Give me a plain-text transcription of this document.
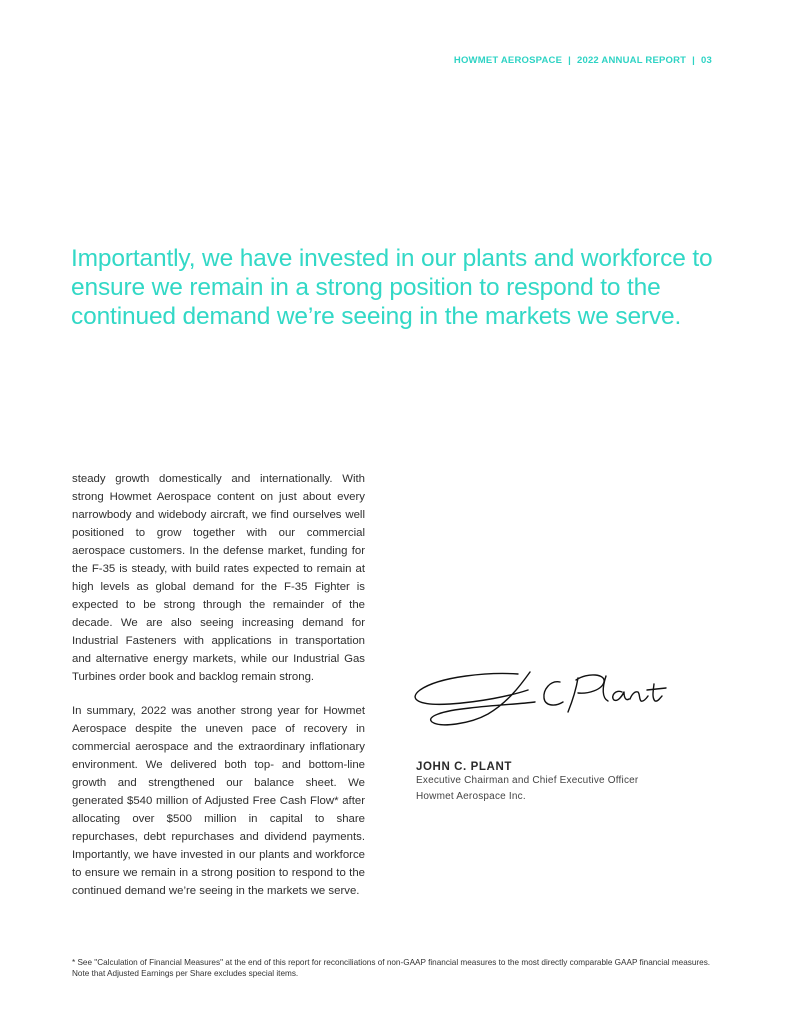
HOWMET AEROSPACE | 2022 ANNUAL REPORT | 03
Importantly, we have invested in our plants and workforce to ensure we remain in a strong position to respond to the continued demand we’re seeing in the markets we serve.

steady growth domestically and internationally. With strong Howmet Aerospace content on just about every narrowbody and widebody aircraft, we find ourselves well positioned to grow together with our commercial aerospace customers. In the defense market, funding for the F-35 is steady, with build rates expected to remain at high levels as global demand for the F-35 Fighter is expected to be strong through the remainder of the decade. We are also seeing increasing demand for Industrial Fasteners with applications in transportation and alternative energy markets, while our Industrial Gas Turbines order book and backlog remain strong.

In summary, 2022 was another strong year for Howmet Aerospace despite the uneven pace of recovery in commercial aerospace and the extraordinary inflationary environment. We delivered both top- and bottom-line growth and strengthened our balance sheet. We generated $540 million of Adjusted Free Cash Flow* after allocating over $500 million in capital to share repurchases, debt repurchases and dividend payments. Importantly, we have invested in our plants and workforce to ensure we remain in a strong position to respond to the continued demand we’re seeing in the markets we serve.

JOHN C. PLANT
Executive Chairman and Chief Executive Officer
Howmet Aerospace Inc.
* See "Calculation of Financial Measures" at the end of this report for reconciliations of non-GAAP financial measures to the most directly comparable GAAP financial measures. Note that Adjusted Earnings per Share excludes special items.
